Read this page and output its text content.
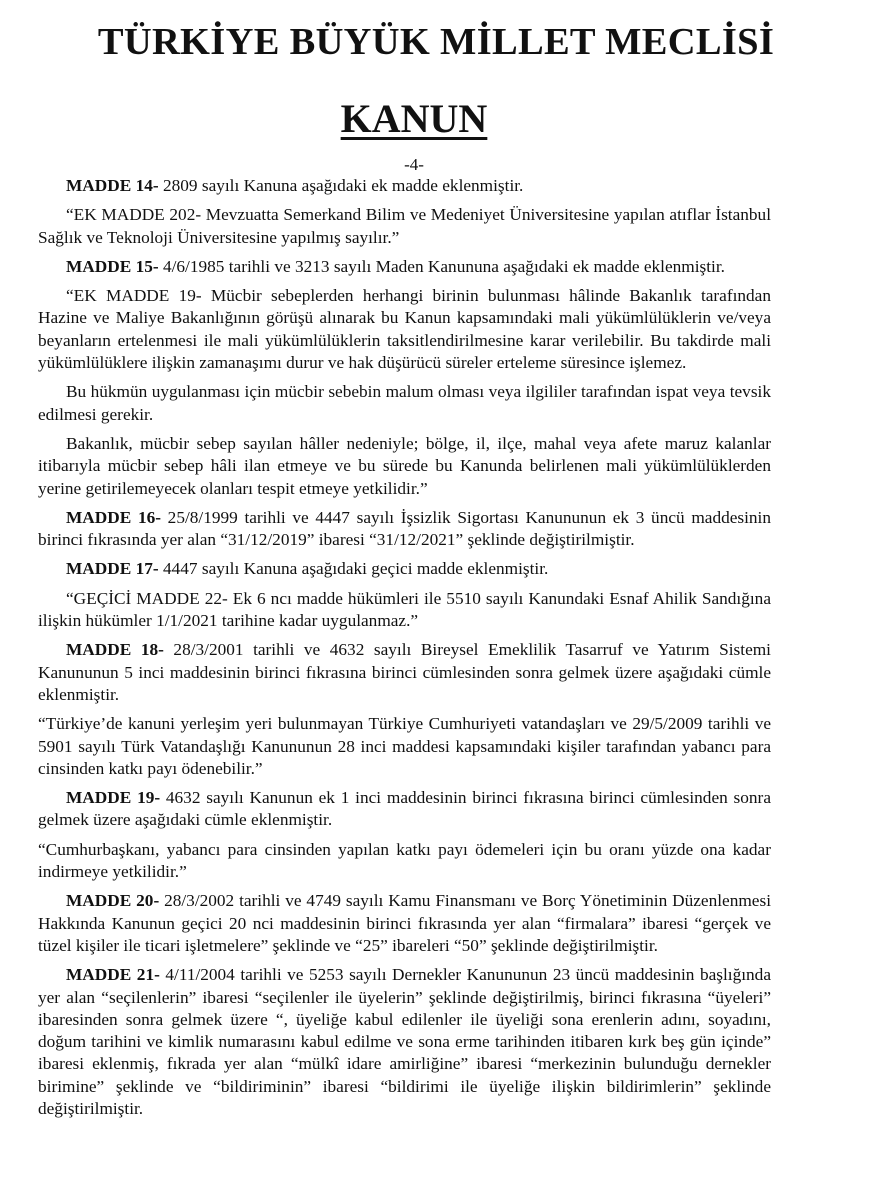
TÜRKİYE BÜYÜK MİLLET MECLİSİ
KANUN
-4-

MADDE 14- 2809 sayılı Kanuna aşağıdaki ek madde eklenmiştir.

“EK MADDE 202- Mevzuatta Semerkand Bilim ve Medeniyet Üniversitesine yapılan atıflar İstanbul Sağlık ve Teknoloji Üniversitesine yapılmış sayılır.”

MADDE 15- 4/6/1985 tarihli ve 3213 sayılı Maden Kanununa aşağıdaki ek madde eklenmiştir.

“EK MADDE 19- Mücbir sebeplerden herhangi birinin bulunması hâlinde Bakanlık tarafından Hazine ve Maliye Bakanlığının görüşü alınarak bu Kanun kapsamındaki mali yükümlülüklerin ve/veya beyanların ertelenmesi ile mali yükümlülüklerin taksitlendirilmesine karar verilebilir. Bu takdirde mali yükümlülüklere ilişkin zamanaşımı durur ve hak düşürücü süreler erteleme süresince işlemez.

Bu hükmün uygulanması için mücbir sebebin malum olması veya ilgililer tarafından ispat veya tevsik edilmesi gerekir.

Bakanlık, mücbir sebep sayılan hâller nedeniyle; bölge, il, ilçe, mahal veya afete maruz kalanlar itibarıyla mücbir sebep hâli ilan etmeye ve bu sürede bu Kanunda belirlenen mali yükümlülüklerden yerine getirilemeyecek olanları tespit etmeye yetkilidir.”

MADDE 16- 25/8/1999 tarihli ve 4447 sayılı İşsizlik Sigortası Kanununun ek 3 üncü maddesinin birinci fıkrasında yer alan “31/12/2019” ibaresi “31/12/2021” şeklinde değiştirilmiştir.

MADDE 17- 4447 sayılı Kanuna aşağıdaki geçici madde eklenmiştir.

“GEÇİCİ MADDE 22- Ek 6 ncı madde hükümleri ile 5510 sayılı Kanundaki Esnaf Ahilik Sandığına ilişkin hükümler 1/1/2021 tarihine kadar uygulanmaz.”

MADDE 18- 28/3/2001 tarihli ve 4632 sayılı Bireysel Emeklilik Tasarruf ve Yatırım Sistemi Kanununun 5 inci maddesinin birinci fıkrasına birinci cümlesinden sonra gelmek üzere aşağıdaki cümle eklenmiştir.

“Türkiye’de kanuni yerleşim yeri bulunmayan Türkiye Cumhuriyeti vatandaşları ve 29/5/2009 tarihli ve 5901 sayılı Türk Vatandaşlığı Kanununun 28 inci maddesi kapsamındaki kişiler tarafından yabancı para cinsinden katkı payı ödenebilir.”

MADDE 19- 4632 sayılı Kanunun ek 1 inci maddesinin birinci fıkrasına birinci cümlesinden sonra gelmek üzere aşağıdaki cümle eklenmiştir.

“Cumhurbaşkanı, yabancı para cinsinden yapılan katkı payı ödemeleri için bu oranı yüzde ona kadar indirmeye yetkilidir.”

MADDE 20- 28/3/2002 tarihli ve 4749 sayılı Kamu Finansmanı ve Borç Yönetiminin Düzenlenmesi Hakkında Kanunun geçici 20 nci maddesinin birinci fıkrasında yer alan “firmalara” ibaresi “gerçek ve tüzel kişiler ile ticari işletmelere” şeklinde ve “25” ibareleri “50” şeklinde değiştirilmiştir.

MADDE 21- 4/11/2004 tarihli ve 5253 sayılı Dernekler Kanununun 23 üncü maddesinin başlığında yer alan “seçilenlerin” ibaresi “seçilenler ile üyelerin” şeklinde değiştirilmiş, birinci fıkrasına “üyeleri” ibaresinden sonra gelmek üzere “, üyeliğe kabul edilenler ile üyeliği sona erenlerin adını, soyadını, doğum tarihini ve kimlik numarasını kabul edilme ve sona erme tarihinden itibaren kırk beş gün içinde” ibaresi eklenmiş, fıkrada yer alan “mülkî idare amirliğine” ibaresi “merkezinin bulunduğu dernekler birimine” şeklinde ve “bildiriminin” ibaresi “bildirimi ile üyeliğe ilişkin bildirimlerin” şeklinde değiştirilmiştir.
